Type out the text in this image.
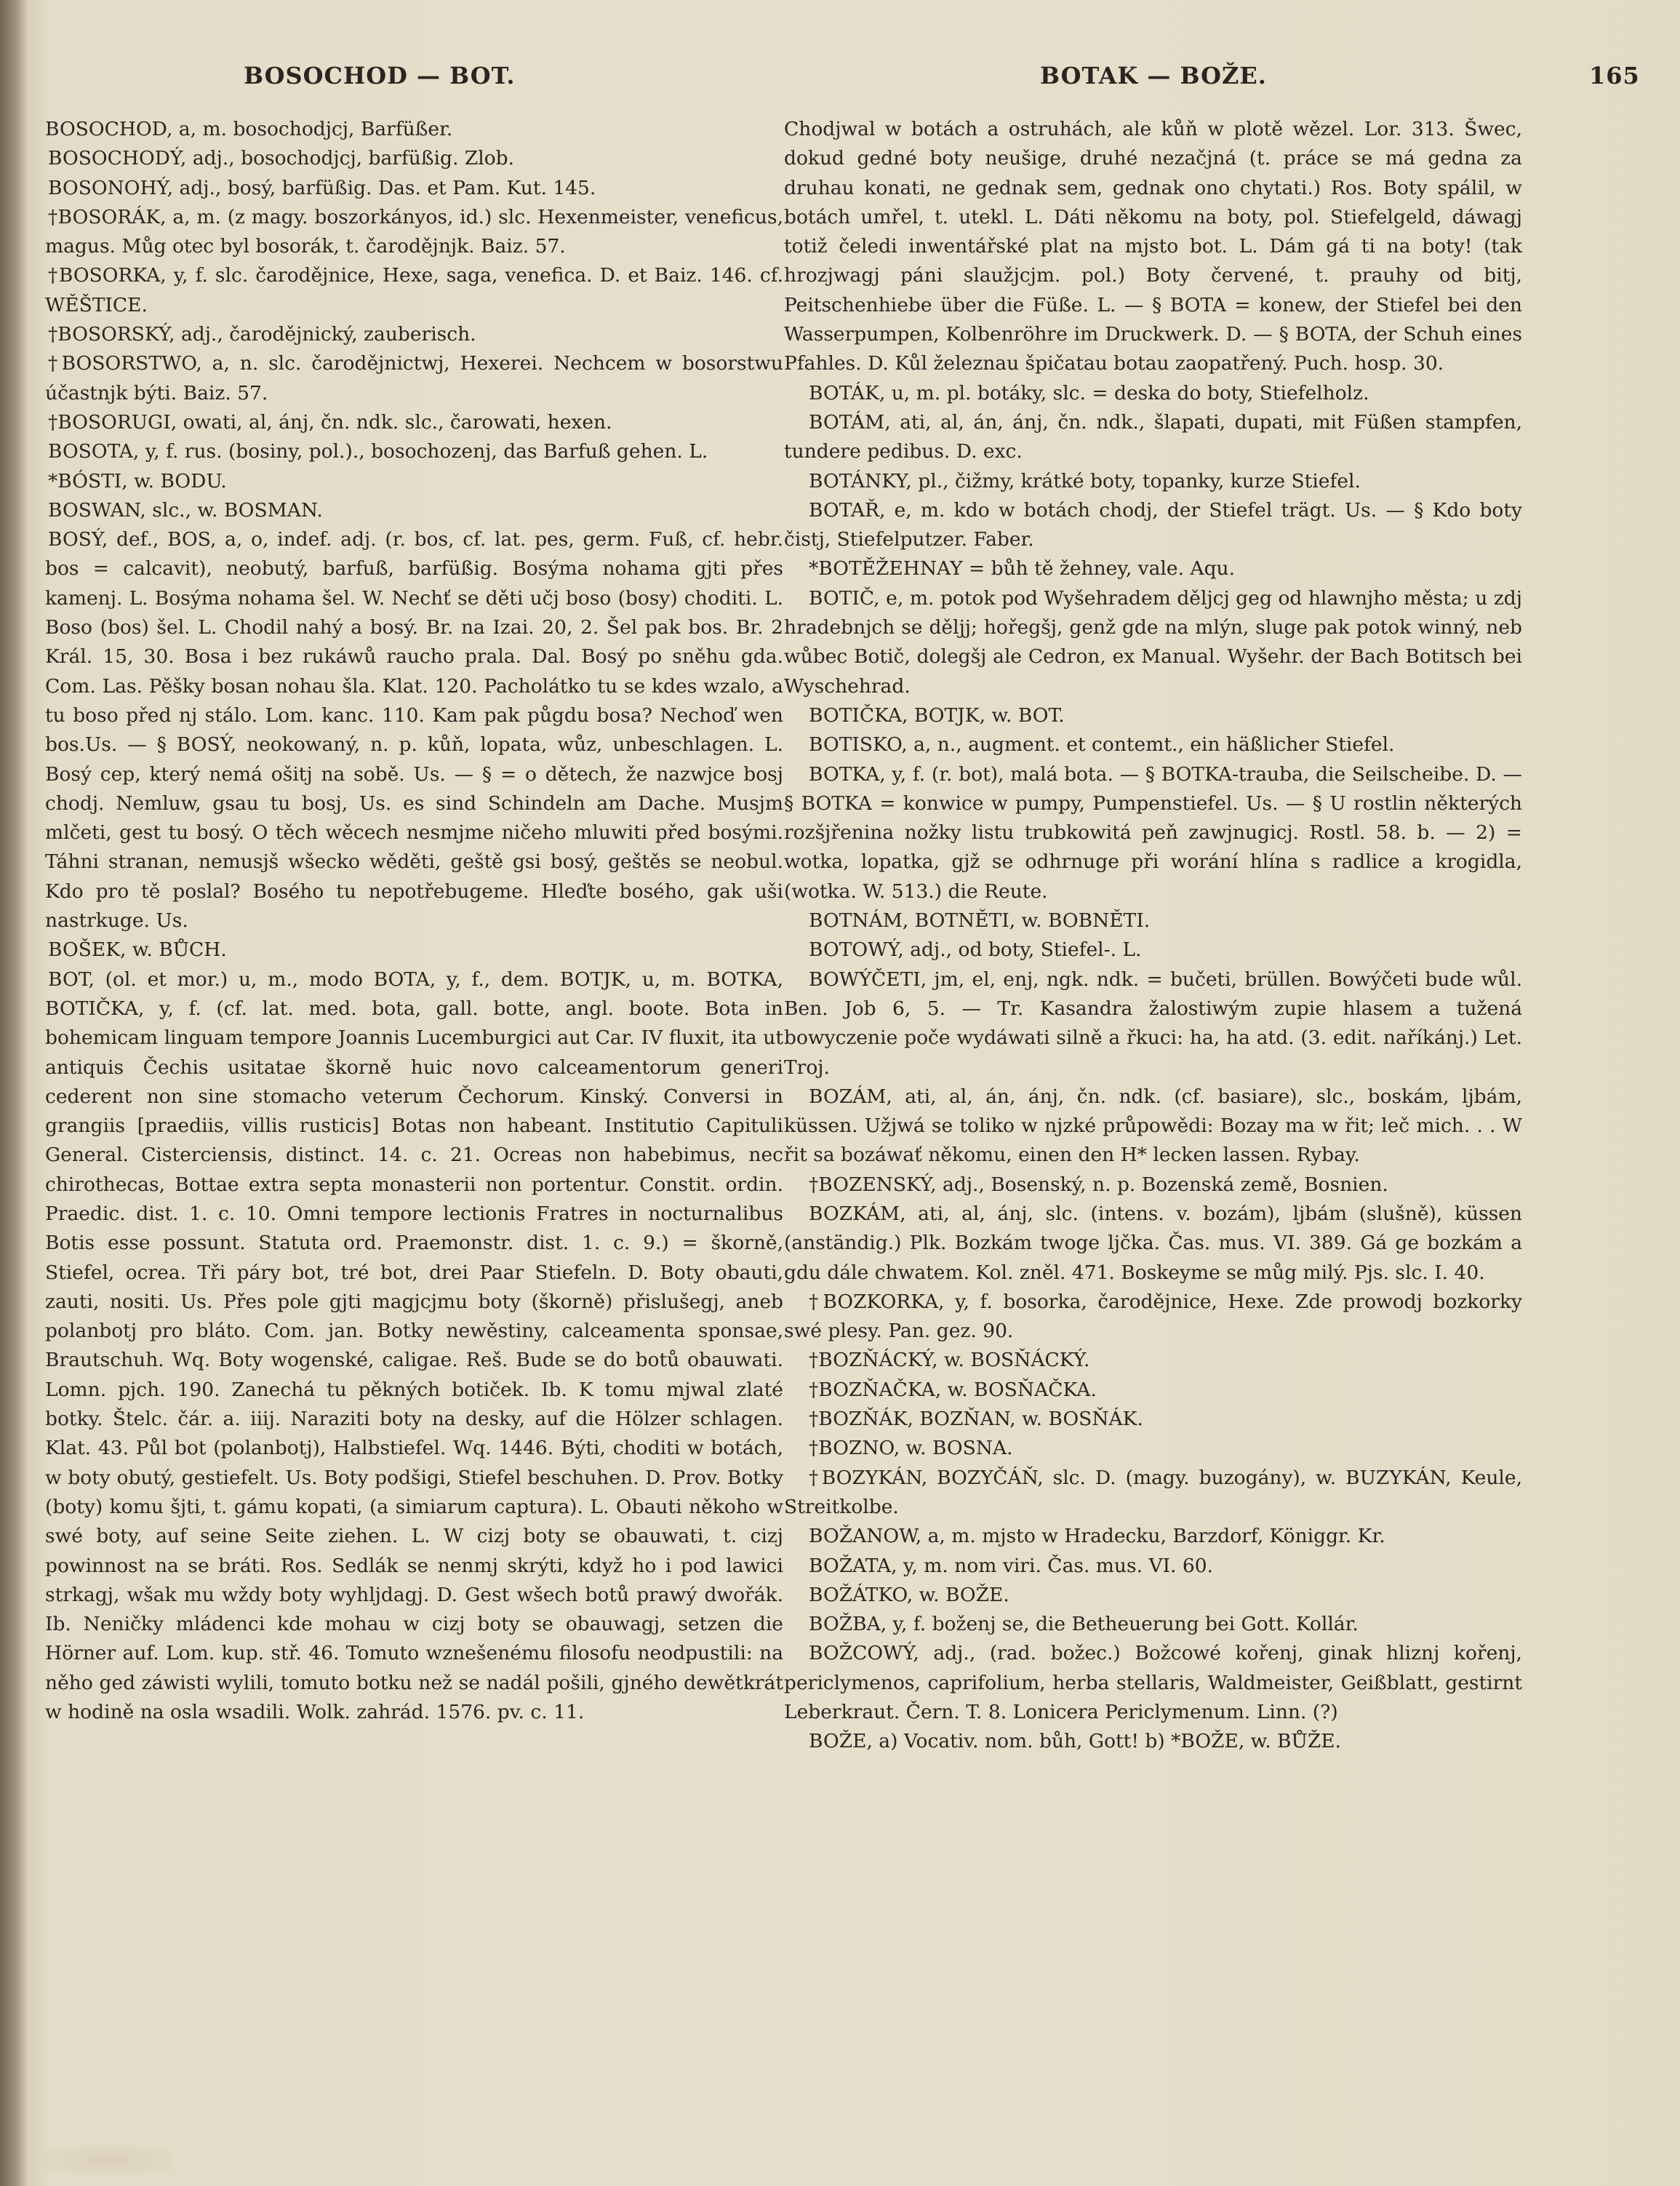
BOSOCHOD — BOT.	BOTAK — BOŽE.	165

BOSOCHOD, a, m. bosochodjcj, Barfüßer.

BOSOCHODÝ, adj., bosochodjcj, barfüßig. Zlob.

BOSONOHÝ, adj., bosý, barfüßig. Das. et Pam. Kut. 145.

†BOSORÁK, a, m. (z magy. boszorkányos, id.) slc. Hexenmeister, veneficus, magus. Můg otec byl bosorák, t. čarodějnjk. Baiz. 57.

†BOSORKA, y, f. slc. čarodějnice, Hexe, saga, venefica. D. et Baiz. 146. cf. WĚŠTICE.

†BOSORSKÝ, adj., čarodějnický, zauberisch.

†BOSORSTWO, a, n. slc. čarodějnictwj, Hexerei. Nechcem w bosorstwu účastnjk býti. Baiz. 57.

†BOSORUGI, owati, al, ánj, čn. ndk. slc., čarowati, hexen.

BOSOTA, y, f. rus. (bosiny, pol.)., bosochozenj, das Barfuß gehen. L.

*BÓSTI, w. BODU.

BOSWAN, slc., w. BOSMAN.

BOSÝ, def., BOS, a, o, indef. adj. (r. bos, cf. lat. pes, germ. Fuß, cf. hebr. bos = calcavit), neobutý, barfuß, barfüßig. Bosýma nohama gjti přes kamenj. L. Bosýma nohama šel. W. Nechť se děti učj boso (bosy) choditi. L. Boso (bos) šel. L. Chodil nahý a bosý. Br. na Izai. 20, 2. Šel pak bos. Br. 2 Král. 15, 30. Bosa i bez rukáwů raucho prala. Dal. Bosý po sněhu gda. Com. Las. Pěšky bosan nohau šla. Klat. 120. Pacholátko tu se kdes wzalo, a tu boso před nj stálo. Lom. kanc. 110. Kam pak půgdu bosa? Nechoď wen bos.Us. — § BOSÝ, neokowaný, n. p. kůň, lopata, wůz, unbeschlagen. L. Bosý cep, který nemá ošitj na sobě. Us. — § = o dětech, že nazwjce bosj chodj. Nemluw, gsau tu bosj, Us. es sind Schindeln am Dache. Musjm mlčeti, gest tu bosý. O těch wěcech nesmjme ničeho mluwiti před bosými. Táhni stranan, nemusjš wšecko wěděti, geště gsi bosý, geštěs se neobul. Kdo pro tě poslal? Bosého tu nepotřebugeme. Hleďte bosého, gak uši nastrkuge. Us.

BOŠEK, w. BŮCH.

BOT, (ol. et mor.) u, m., modo BOTA, y, f., dem. BOTJK, u, m. BOTKA, BOTIČKA, y, f. (cf. lat. med. bota, gall. botte, angl. boote. Bota in bohemicam linguam tempore Joannis Lucemburgici aut Car. IV fluxit, ita ut antiquis Čechis usitatae škorně huic novo calceamentorum generi cederent non sine stomacho veterum Čechorum. Kinský. Conversi in grangiis [praediis, villis rusticis] Botas non habeant. Institutio Capituli General. Cisterciensis, distinct. 14. c. 21. Ocreas non habebimus, nec chirothecas, Bottae extra septa monasterii non portentur. Constit. ordin. Praedic. dist. 1. c. 10. Omni tempore lectionis Fratres in nocturnalibus Botis esse possunt. Statuta ord. Praemonstr. dist. 1. c. 9.) = škorně, Stiefel, ocrea. Tři páry bot, tré bot, drei Paar Stiefeln. D. Boty obauti, zauti, nositi. Us. Přes pole gjti magjcjmu boty (škorně) přislušegj, aneb polanbotj pro bláto. Com. jan. Botky newěstiny, calceamenta sponsae, Brautschuh. Wq. Boty wogenské, caligae. Reš. Bude se do botů obauwati. Lomn. pjch. 190. Zanechá tu pěkných botiček. Ib. K tomu mjwal zlaté botky. Štelc. čár. a. iiij. Naraziti boty na desky, auf die Hölzer schlagen. Klat. 43. Půl bot (polanbotj), Halbstiefel. Wq. 1446. Býti, choditi w botách, w boty obutý, gestiefelt. Us. Boty podšigi, Stiefel beschuhen. D. Prov. Botky (boty) komu šjti, t. gámu kopati, (a simiarum captura). L. Obauti někoho w swé boty, auf seine Seite ziehen. L. W cizj boty se obauwati, t. cizj powinnost na se bráti. Ros. Sedlák se nenmj skrýti, když ho i pod lawici strkagj, wšak mu wždy boty wyhljdagj. D. Gest wšech botů prawý dwořák. Ib. Neničky mládenci kde mohau w cizj boty se obauwagj, setzen die Hörner auf. Lom. kup. stř. 46. Tomuto wznešenému filosofu neodpustili: na něho ged záwisti wylili, tomuto botku než se nadál pošili, gjného dewětkrát w hodině na osla wsadili. Wolk. zahrád. 1576. pv. c. 11.

Chodjwal w botách a ostruhách, ale kůň w plotě wězel. Lor. 313. Šwec, dokud gedné boty neušige, druhé nezačjná (t. práce se má gedna za druhau konati, ne gednak sem, gednak ono chytati.) Ros. Boty spálil, w botách umřel, t. utekl. L. Dáti někomu na boty, pol. Stiefelgeld, dáwagj totiž čeledi inwentářské plat na mjsto bot. L. Dám gá ti na boty! (tak hrozjwagj páni slaužjcjm. pol.) Boty červené, t. prauhy od bitj, Peitschenhiebe über die Füße. L. — § BOTA = konew, der Stiefel bei den Wasserpumpen, Kolbenröhre im Druckwerk. D. — § BOTA, der Schuh eines Pfahles. D. Kůl železnau špičatau botau zaopatřený. Puch. hosp. 30.

BOTÁK, u, m. pl. botáky, slc. = deska do boty, Stiefelholz.

BOTÁM, ati, al, án, ánj, čn. ndk., šlapati, dupati, mit Füßen stampfen, tundere pedibus. D. exc.

BOTÁNKY, pl., čižmy, krátké boty, topanky, kurze Stiefel.

BOTAŘ, e, m. kdo w botách chodj, der Stiefel trägt. Us. — § Kdo boty čistj, Stiefelputzer. Faber.

*BOTĚŽEHNAY = bůh tě žehney, vale. Aqu.

BOTIČ, e, m. potok pod Wyšehradem děljcj geg od hlawnjho města; u zdj hradebnjch se děljj; hořegšj, genž gde na mlýn, sluge pak potok winný, neb wůbec Botič, dolegšj ale Cedron, ex Manual. Wyšehr. der Bach Botitsch bei Wyschehrad.

BOTIČKA, BOTJK, w. BOT.

BOTISKO, a, n., augment. et contemt., ein häßlicher Stiefel.

BOTKA, y, f. (r. bot), malá bota. — § BOTKA-trauba, die Seilscheibe. D. — § BOTKA = konwice w pumpy, Pumpenstiefel. Us. — § U rostlin některých rozšjřenina nožky listu trubkowitá peň zawjnugicj. Rostl. 58. b. — 2) = wotka, lopatka, gjž se odhrnuge při worání hlína s radlice a krogidla, (wotka. W. 513.) die Reute.

BOTNÁM, BOTNĚTI, w. BOBNĚTI.

BOTOWÝ, adj., od boty, Stiefel-. L.

BOWÝČETI, jm, el, enj, ngk. ndk. = bučeti, brüllen. Bowýčeti bude wůl. Ben. Job 6, 5. — Tr. Kasandra žalostiwým zupie hlasem a tužená bowyczenie poče wydáwati silně a řkuci: ha, ha atd. (3. edit. naříkánj.) Let. Troj.

BOZÁM, ati, al, án, ánj, čn. ndk. (cf. basiare), slc., boskám, ljbám, küssen. Užjwá se toliko w njzké průpowědi: Bozay ma w řit; leč mich. . . W řit sa bozáwať někomu, einen den H* lecken lassen. Rybay.

†BOZENSKÝ, adj., Bosenský, n. p. Bozenská země, Bosnien.

BOZKÁM, ati, al, ánj, slc. (intens. v. bozám), ljbám (slušně), küssen (anständig.) Plk. Bozkám twoge ljčka. Čas. mus. VI. 389. Gá ge bozkám a gdu dále chwatem. Kol. zněl. 471. Boskeyme se můg milý. Pjs. slc. I. 40.

†BOZKORKA, y, f. bosorka, čarodějnice, Hexe. Zde prowodj bozkorky swé plesy. Pan. gez. 90.

†BOZŇÁCKÝ, w. BOSŇÁCKÝ.

†BOZŇAČKA, w. BOSŇAČKA.

†BOZŇÁK, BOZŇAN, w. BOSŇÁK.

†BOZNO, w. BOSNA.

†BOZYKÁN, BOZYČÁŇ, slc. D. (magy. buzogány), w. BUZYKÁN, Keule, Streitkolbe.

BOŽANOW, a, m. mjsto w Hradecku, Barzdorf, Königgr. Kr.

BOŽATA, y, m. nom viri. Čas. mus. VI. 60.

BOŽÁTKO, w. BOŽE.

BOŽBA, y, f. boženj se, die Betheuerung bei Gott. Kollár.

BOŽCOWÝ, adj., (rad. božec.) Božcowé kořenj, ginak hliznj kořenj, periclymenos, caprifolium, herba stellaris, Waldmeister, Geißblatt, gestirnt Leberkraut. Čern. T. 8. Lonicera Periclymenum. Linn. (?)

BOŽE, a) Vocativ. nom. bůh, Gott! b) *BOŽE, w. BŮŽE.
